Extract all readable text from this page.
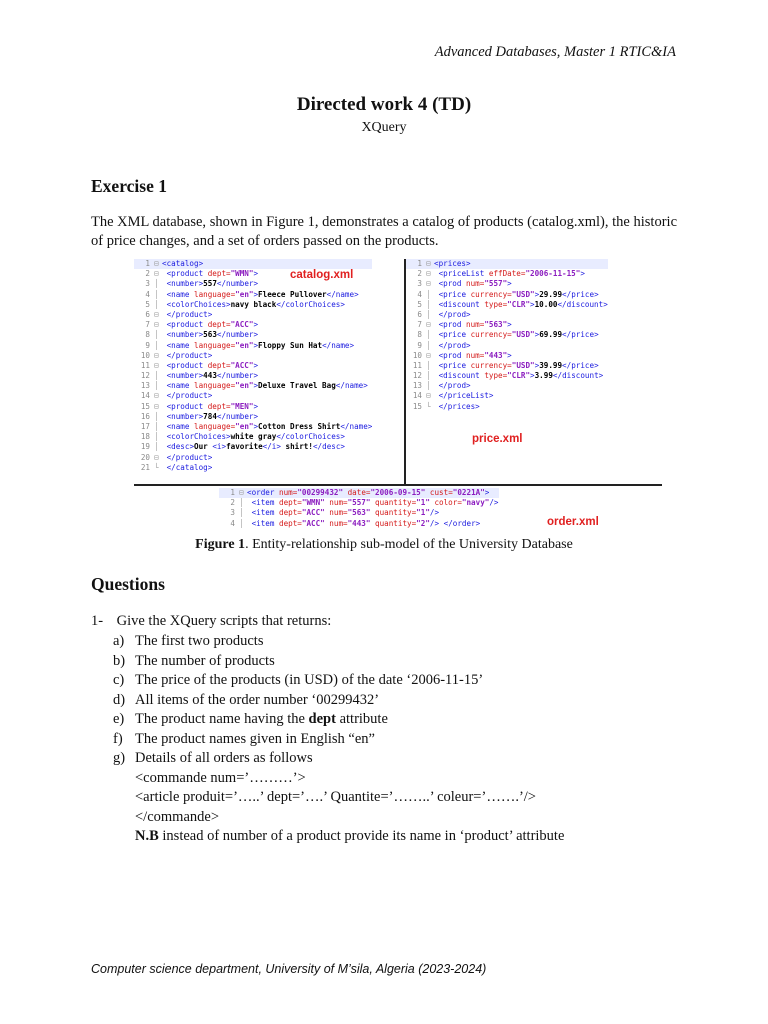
Advanced Databases, Master 1 RTIC&IA
Directed work 4 (TD)
XQuery
Exercise 1
The XML database, shown in Figure 1, demonstrates a catalog of products (catalog.xml), the historic of price changes, and a set of orders passed on the products.
1 ⊟ <catalog>
2 ⊟ <product dept="WMN">
3 │ <number>557</number>
4 │ <name language="en">Fleece Pullover</name>
5 │ <colorChoices>navy black</colorChoices>
6 ⊟ </product>
7 ⊟ <product dept="ACC">
8 │ <number>563</number>
9 │ <name language="en">Floppy Sun Hat</name>
10 ⊟ </product>
11 ⊟ <product dept="ACC">
12 │ <number>443</number>
13 │ <name language="en">Deluxe Travel Bag</name>
14 ⊟ </product>
15 ⊟ <product dept="MEN">
16 │ <number>784</number>
17 │ <name language="en">Cotton Dress Shirt</name>
18 │ <colorChoices>white gray</colorChoices>
19 │ <desc>Our <i>favorite</i> shirt!</desc>
20 ⊟ </product>
21 └ </catalog>
catalog.xml
1 ⊟ <prices>
2 ⊟ <priceList effDate="2006-11-15">
3 ⊟ <prod num="557">
4 │ <price currency="USD">29.99</price>
5 │ <discount type="CLR">10.00</discount>
6 │ </prod>
7 ⊟ <prod num="563">
8 │ <price currency="USD">69.99</price>
9 │ </prod>
10 ⊟ <prod num="443">
11 │ <price currency="USD">39.99</price>
12 │ <discount type="CLR">3.99</discount>
13 │ </prod>
14 ⊟ </priceList>
15 └ </prices>
price.xml
1 ⊟ <order num="00299432" date="2006-09-15" cust="0221A">
2 │ <item dept="WMN" num="557" quantity="1" color="navy"/>
3 │ <item dept="ACC" num="563" quantity="1"/>
4 │ <item dept="ACC" num="443" quantity="2"/> </order>	order.xml
Figure 1. Entity-relationship sub-model of the University Database
Questions
1- Give the XQuery scripts that returns:
a) The first two products
b) The number of products
c) The price of the products (in USD) of the date ‘2006-11-15’
d) All items of the order number ‘00299432’
e) The product name having the dept attribute
f) The product names given in English “en”
g) Details of all orders as follows
<commande num=’………’>
<article produit=’…..’ dept=’….’ Quantite=’……..’ coleur=’…….’/>
</commande>
N.B instead of number of a product provide its name in ‘product’ attribute
Computer science department, University of M’sila, Algeria (2023-2024)
